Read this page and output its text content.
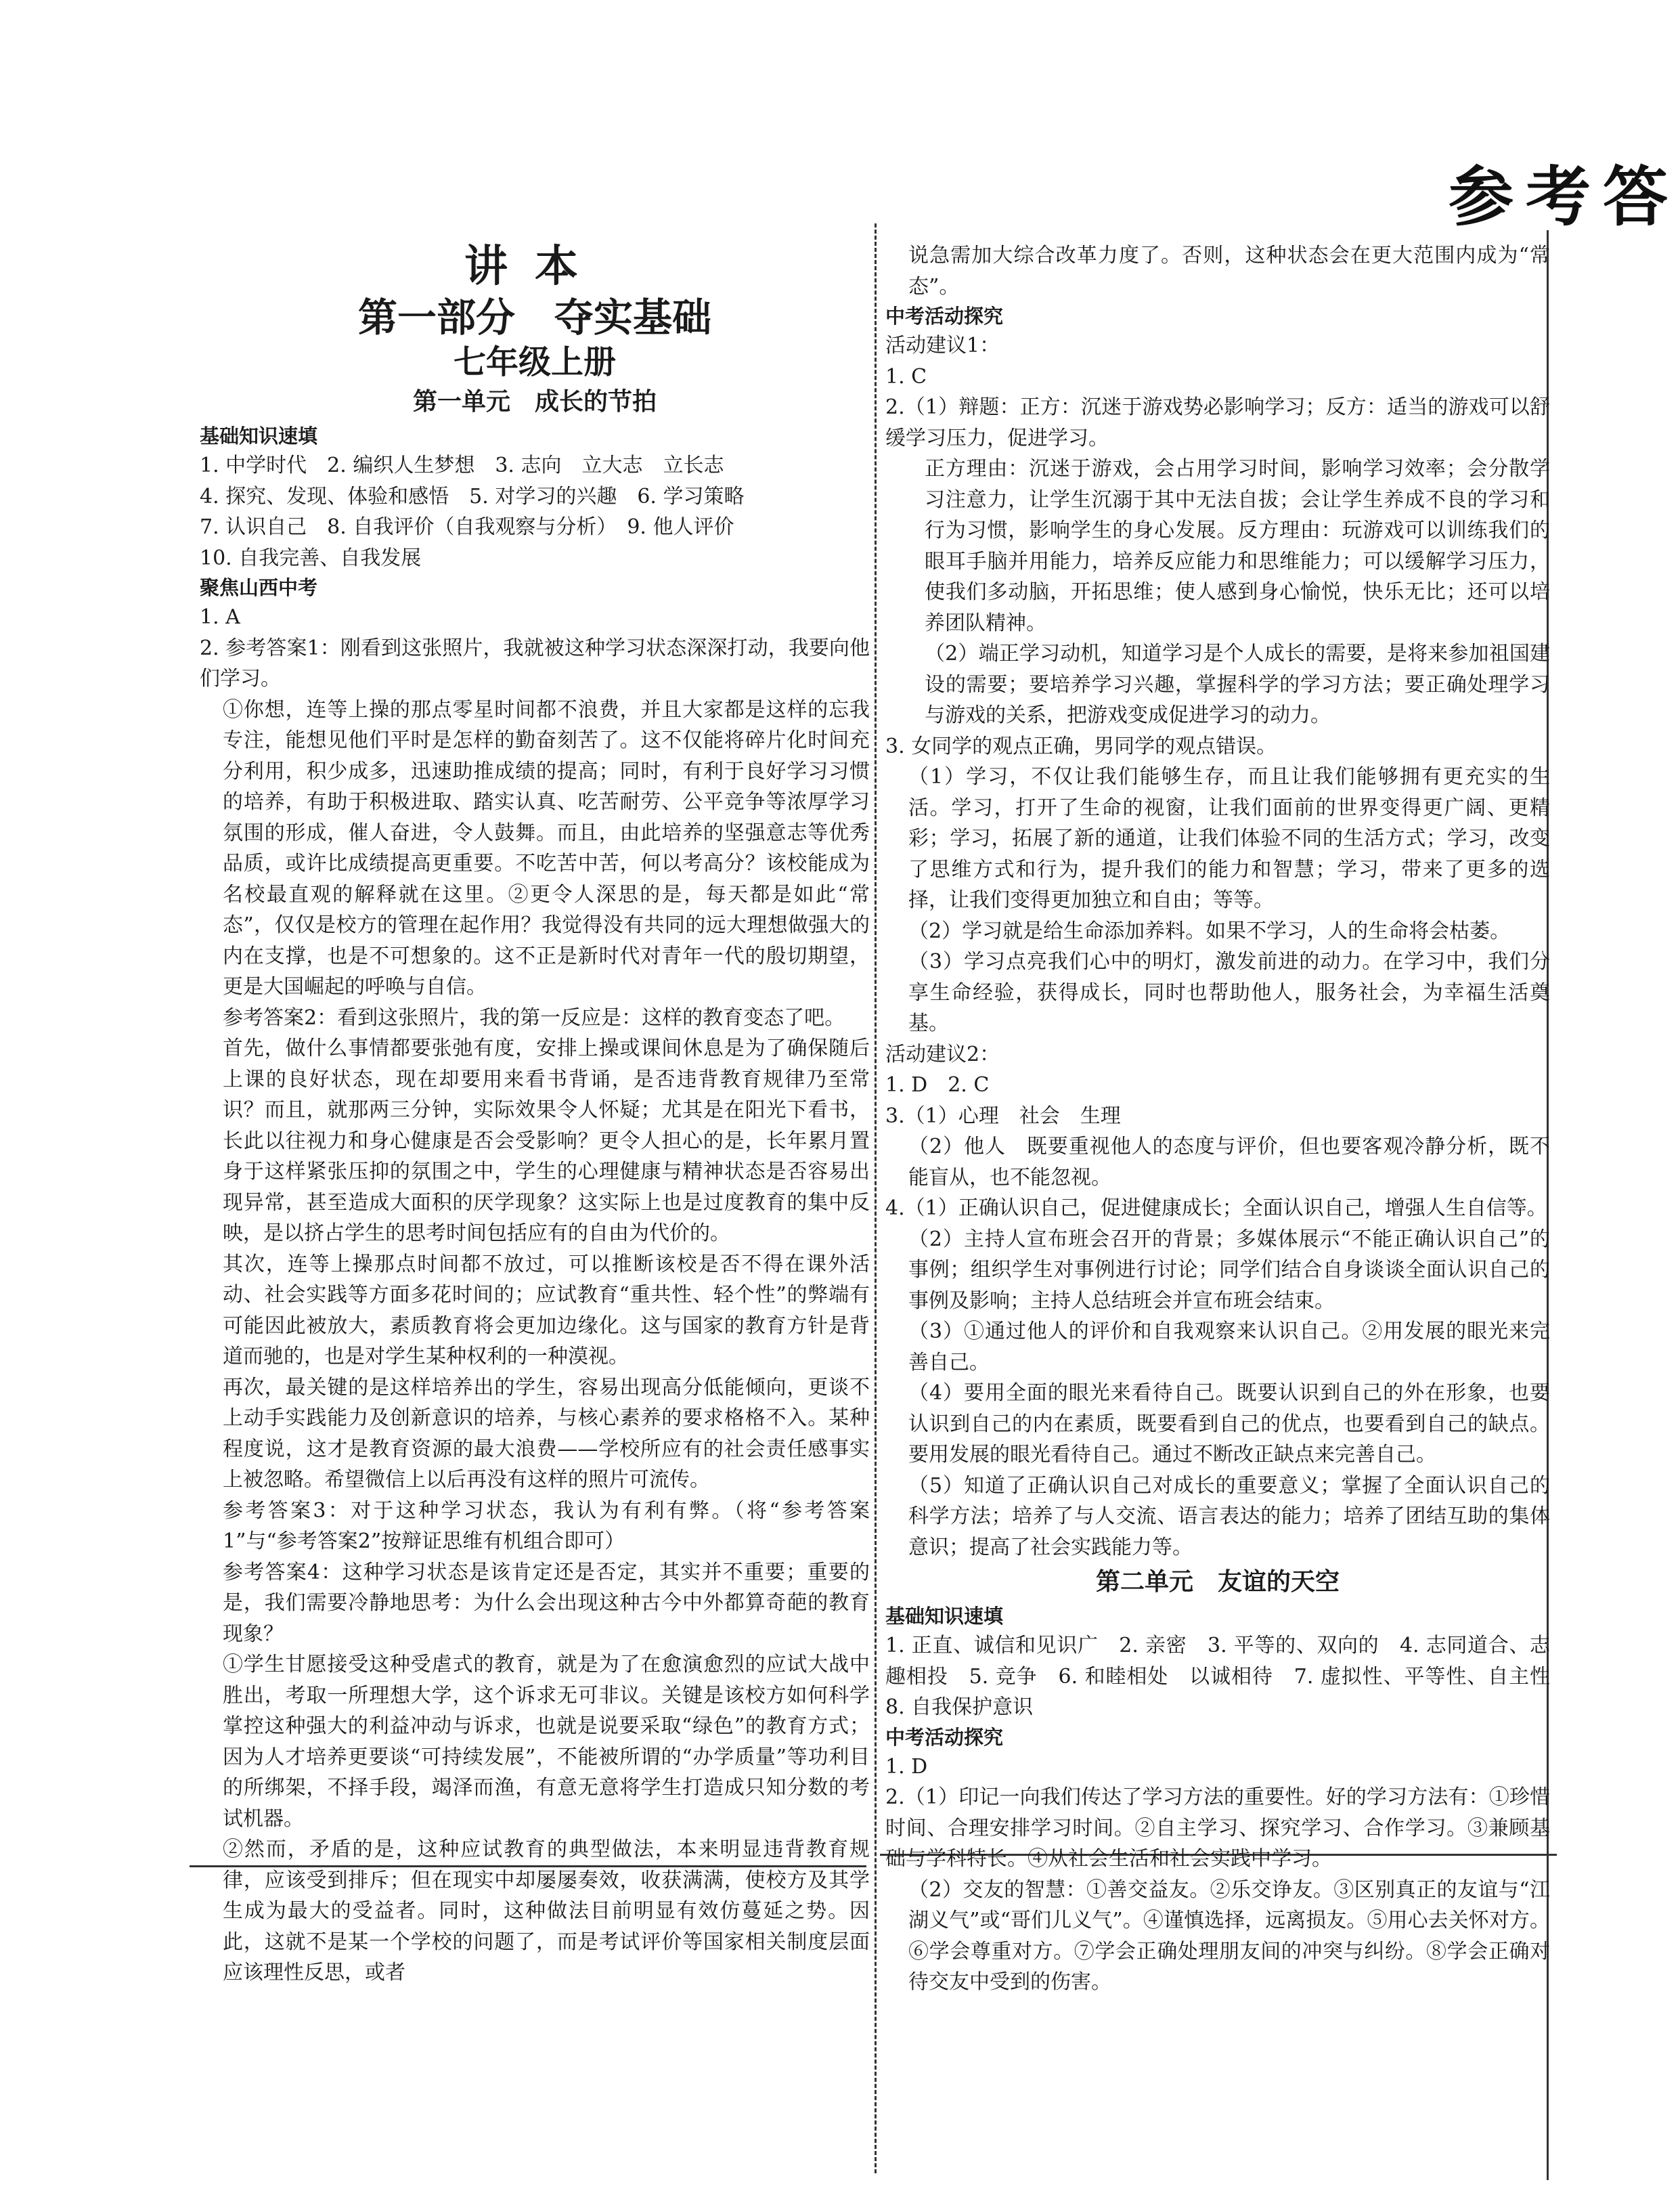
参考答
讲本
第一部分　夺实基础
七年级上册
第一单元　成长的节拍
基础知识速填
1. 中学时代　2. 编织人生梦想　3. 志向　立大志　立长志
4. 探究、发现、体验和感悟　5. 对学习的兴趣　6. 学习策略
7. 认识自己　8. 自我评价（自我观察与分析）　9. 他人评价
10. 自我完善、自我发展
聚焦山西中考
1. A
2. 参考答案1：刚看到这张照片，我就被这种学习状态深深打动，我要向他们学习。
①你想，连等上操的那点零星时间都不浪费，并且大家都是这样的忘我专注，能想见他们平时是怎样的勤奋刻苦了。这不仅能将碎片化时间充分利用，积少成多，迅速助推成绩的提高；同时，有利于良好学习习惯的培养，有助于积极进取、踏实认真、吃苦耐劳、公平竞争等浓厚学习氛围的形成，催人奋进，令人鼓舞。而且，由此培养的坚强意志等优秀品质，或许比成绩提高更重要。不吃苦中苦，何以考高分？该校能成为名校最直观的解释就在这里。②更令人深思的是，每天都是如此“常态”，仅仅是校方的管理在起作用？我觉得没有共同的远大理想做强大的内在支撑，也是不可想象的。这不正是新时代对青年一代的殷切期望，更是大国崛起的呼唤与自信。
参考答案2：看到这张照片，我的第一反应是：这样的教育变态了吧。
首先，做什么事情都要张弛有度，安排上操或课间休息是为了确保随后上课的良好状态，现在却要用来看书背诵，是否违背教育规律乃至常识？而且，就那两三分钟，实际效果令人怀疑；尤其是在阳光下看书，长此以往视力和身心健康是否会受影响？更令人担心的是，长年累月置身于这样紧张压抑的氛围之中，学生的心理健康与精神状态是否容易出现异常，甚至造成大面积的厌学现象？这实际上也是过度教育的集中反映，是以挤占学生的思考时间包括应有的自由为代价的。
其次，连等上操那点时间都不放过，可以推断该校是否不得在课外活动、社会实践等方面多花时间的；应试教育“重共性、轻个性”的弊端有可能因此被放大，素质教育将会更加边缘化。这与国家的教育方针是背道而驰的，也是对学生某种权利的一种漠视。
再次，最关键的是这样培养出的学生，容易出现高分低能倾向，更谈不上动手实践能力及创新意识的培养，与核心素养的要求格格不入。某种程度说，这才是教育资源的最大浪费——学校所应有的社会责任感事实上被忽略。希望微信上以后再没有这样的照片可流传。
参考答案3：对于这种学习状态，我认为有利有弊。（将“参考答案1”与“参考答案2”按辩证思维有机组合即可）
参考答案4：这种学习状态是该肯定还是否定，其实并不重要；重要的是，我们需要冷静地思考：为什么会出现这种古今中外都算奇葩的教育现象？
①学生甘愿接受这种受虐式的教育，就是为了在愈演愈烈的应试大战中胜出，考取一所理想大学，这个诉求无可非议。关键是该校方如何科学掌控这种强大的利益冲动与诉求，也就是说要采取“绿色”的教育方式；因为人才培养更要谈“可持续发展”，不能被所谓的“办学质量”等功利目的所绑架，不择手段，竭泽而渔，有意无意将学生打造成只知分数的考试机器。
②然而，矛盾的是，这种应试教育的典型做法，本来明显违背教育规律，应该受到排斥；但在现实中却屡屡奏效，收获满满，使校方及其学生成为最大的受益者。同时，这种做法目前明显有效仿蔓延之势。因此，这就不是某一个学校的问题了，而是考试评价等国家相关制度层面应该理性反思，或者
说急需加大综合改革力度了。否则，这种状态会在更大范围内成为“常态”。
中考活动探究
活动建议1：
1. C
2.（1）辩题：正方：沉迷于游戏势必影响学习；反方：适当的游戏可以舒缓学习压力，促进学习。
正方理由：沉迷于游戏，会占用学习时间，影响学习效率；会分散学习注意力，让学生沉溺于其中无法自拔；会让学生养成不良的学习和行为习惯，影响学生的身心发展。反方理由：玩游戏可以训练我们的眼耳手脑并用能力，培养反应能力和思维能力；可以缓解学习压力，使我们多动脑，开拓思维；使人感到身心愉悦，快乐无比；还可以培养团队精神。
（2）端正学习动机，知道学习是个人成长的需要，是将来参加祖国建设的需要；要培养学习兴趣，掌握科学的学习方法；要正确处理学习与游戏的关系，把游戏变成促进学习的动力。
3. 女同学的观点正确，男同学的观点错误。
（1）学习，不仅让我们能够生存，而且让我们能够拥有更充实的生活。学习，打开了生命的视窗，让我们面前的世界变得更广阔、更精彩；学习，拓展了新的通道，让我们体验不同的生活方式；学习，改变了思维方式和行为，提升我们的能力和智慧；学习，带来了更多的选择，让我们变得更加独立和自由；等等。
（2）学习就是给生命添加养料。如果不学习，人的生命将会枯萎。
（3）学习点亮我们心中的明灯，激发前进的动力。在学习中，我们分享生命经验，获得成长，同时也帮助他人，服务社会，为幸福生活奠基。
活动建议2：
1. D　2. C
3.（1）心理　社会　生理
（2）他人　既要重视他人的态度与评价，但也要客观冷静分析，既不能盲从，也不能忽视。
4.（1）正确认识自己，促进健康成长；全面认识自己，增强人生自信等。
（2）主持人宣布班会召开的背景；多媒体展示“不能正确认识自己”的事例；组织学生对事例进行讨论；同学们结合自身谈谈全面认识自己的事例及影响；主持人总结班会并宣布班会结束。
（3）①通过他人的评价和自我观察来认识自己。②用发展的眼光来完善自己。
（4）要用全面的眼光来看待自己。既要认识到自己的外在形象，也要认识到自己的内在素质，既要看到自己的优点，也要看到自己的缺点。要用发展的眼光看待自己。通过不断改正缺点来完善自己。
（5）知道了正确认识自己对成长的重要意义；掌握了全面认识自己的科学方法；培养了与人交流、语言表达的能力；培养了团结互助的集体意识；提高了社会实践能力等。
第二单元　友谊的天空
基础知识速填
1. 正直、诚信和见识广　2. 亲密　3. 平等的、双向的　4. 志同道合、志趣相投　5. 竞争　6. 和睦相处　以诚相待　7. 虚拟性、平等性、自主性　8. 自我保护意识
中考活动探究
1. D
2.（1）印记一向我们传达了学习方法的重要性。好的学习方法有：①珍惜时间、合理安排学习时间。②自主学习、探究学习、合作学习。③兼顾基础与学科特长。④从社会生活和社会实践中学习。
（2）交友的智慧：①善交益友。②乐交诤友。③区别真正的友谊与“江湖义气”或“哥们儿义气”。④谨慎选择，远离损友。⑤用心去关怀对方。⑥学会尊重对方。⑦学会正确处理朋友间的冲突与纠纷。⑧学会正确对待交友中受到的伤害。
